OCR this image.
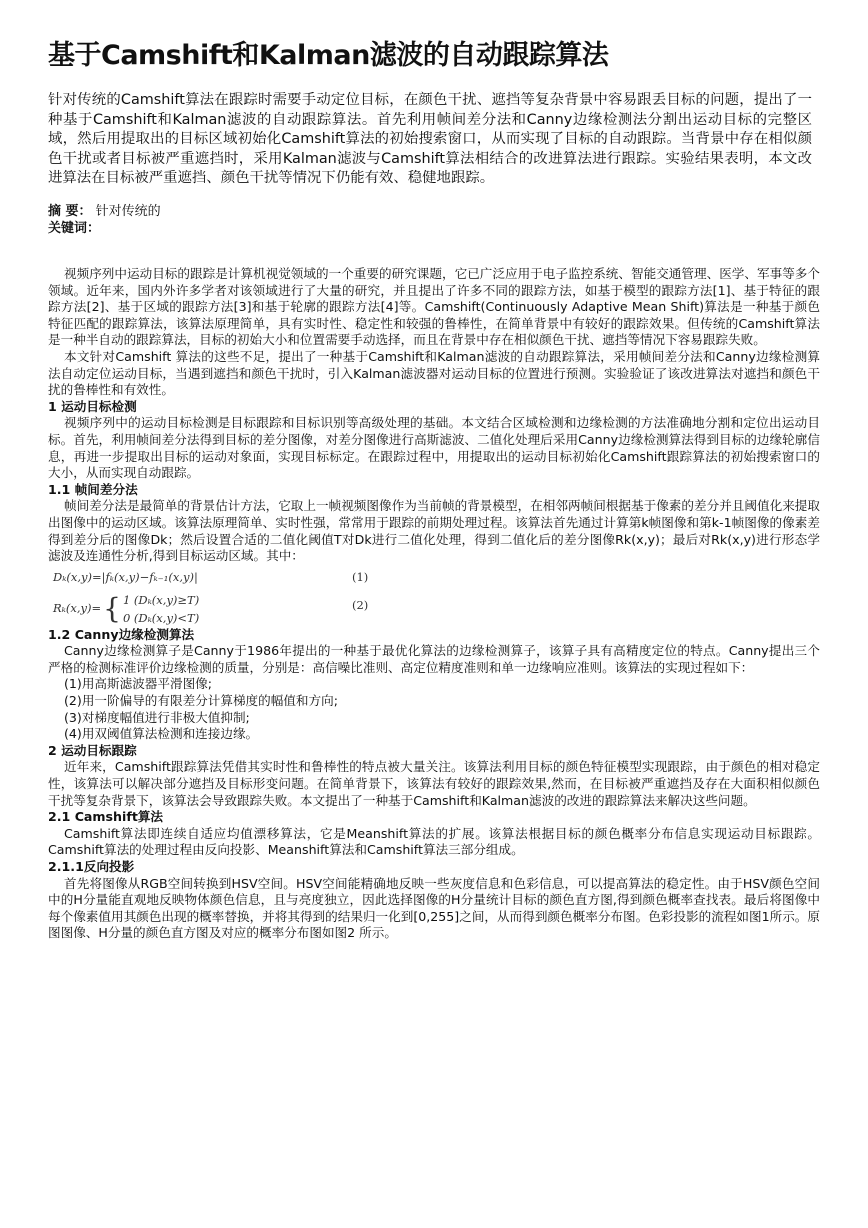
基于Camshift和Kalman滤波的自动跟踪算法
针对传统的Camshift算法在跟踪时需要手动定位目标，在颜色干扰、遮挡等复杂背景中容易跟丢目标的问题，提出了一种基于Camshift和Kalman滤波的自动跟踪算法。首先利用帧间差分法和Canny边缘检测法分割出运动目标的完整区域，然后用提取出的目标区域初始化Camshift算法的初始搜索窗口，从而实现了目标的自动跟踪。当背景中存在相似颜色干扰或者目标被严重遮挡时，采用Kalman滤波与Camshift算法相结合的改进算法进行跟踪。实验结果表明，本文改进算法在目标被严重遮挡、颜色干扰等情况下仍能有效、稳健地跟踪。
摘 要： 针对传统的
关键词：

视频序列中运动目标的跟踪是计算机视觉领域的一个重要的研究课题，它已广泛应用于电子监控系统、智能交通管理、医学、军事等多个领域。近年来，国内外许多学者对该领域进行了大量的研究，并且提出了许多不同的跟踪方法，如基于模型的跟踪方法[1]、基于特征的跟踪方法[2]、基于区域的跟踪方法[3]和基于轮廓的跟踪方法[4]等。Camshift(Continuously Adaptive Mean Shift)算法是一种基于颜色特征匹配的跟踪算法，该算法原理简单，具有实时性、稳定性和较强的鲁棒性，在简单背景中有较好的跟踪效果。但传统的Camshift算法是一种半自动的跟踪算法，目标的初始大小和位置需要手动选择，而且在背景中存在相似颜色干扰、遮挡等情况下容易跟踪失败。

本文针对Camshift 算法的这些不足，提出了一种基于Camshift和Kalman滤波的自动跟踪算法，采用帧间差分法和Canny边缘检测算法自动定位运动目标，当遇到遮挡和颜色干扰时，引入Kalman滤波器对运动目标的位置进行预测。实验验证了该改进算法对遮挡和颜色干扰的鲁棒性和有效性。

1 运动目标检测

视频序列中的运动目标检测是目标跟踪和目标识别等高级处理的基础。本文结合区域检测和边缘检测的方法准确地分割和定位出运动目标。首先，利用帧间差分法得到目标的差分图像，对差分图像进行高斯滤波、二值化处理后采用Canny边缘检测算法得到目标的边缘轮廓信息，再进一步提取出目标的运动对象面，实现目标标定。在跟踪过程中，用提取出的运动目标初始化Camshift跟踪算法的初始搜索窗口的大小，从而实现自动跟踪。

1.1 帧间差分法

帧间差分法是最简单的背景估计方法，它取上一帧视频图像作为当前帧的背景模型，在相邻两帧间根据基于像素的差分并且阈值化来提取出图像中的运动区域。该算法原理简单、实时性强，常常用于跟踪的前期处理过程。该算法首先通过计算第k帧图像和第k-1帧图像的像素差得到差分后的图像Dk；然后设置合适的二值化阈值T对Dk进行二值化处理，得到二值化后的差分图像Rk(x,y)；最后对Rk(x,y)进行形态学滤波及连通性分析,得到目标运动区域。其中：

Dₖ(x,y)=|fₖ(x,y)−fₖ₋₁(x,y)|	(1)
Rₖ(x,y)={ 1 (Dₖ(x,y)≥T)
0 (Dₖ(x,y)<T)
(2)

1.2 Canny边缘检测算法

Canny边缘检测算子是Canny于1986年提出的一种基于最优化算法的边缘检测算子，该算子具有高精度定位的特点。Canny提出三个严格的检测标准评价边缘检测的质量，分别是：高信噪比准则、高定位精度准则和单一边缘响应准则。该算法的实现过程如下：

(1)用高斯滤波器平滑图像;
(2)用一阶偏导的有限差分计算梯度的幅值和方向;
(3)对梯度幅值进行非极大值抑制;
(4)用双阈值算法检测和连接边缘。

2 运动目标跟踪

近年来，Camshift跟踪算法凭借其实时性和鲁棒性的特点被大量关注。该算法利用目标的颜色特征模型实现跟踪，由于颜色的相对稳定性，该算法可以解决部分遮挡及目标形变问题。在简单背景下，该算法有较好的跟踪效果,然而，在目标被严重遮挡及存在大面积相似颜色干扰等复杂背景下，该算法会导致跟踪失败。本文提出了一种基于Camshift和Kalman滤波的改进的跟踪算法来解决这些问题。

2.1 Camshift算法

Camshift算法即连续自适应均值漂移算法，它是Meanshift算法的扩展。该算法根据目标的颜色概率分布信息实现运动目标跟踪。Camshift算法的处理过程由反向投影、Meanshift算法和Camshift算法三部分组成。

2.1.1反向投影

首先将图像从RGB空间转换到HSV空间。HSV空间能精确地反映一些灰度信息和色彩信息，可以提高算法的稳定性。由于HSV颜色空间中的H分量能直观地反映物体颜色信息，且与亮度独立，因此选择图像的H分量统计目标的颜色直方图,得到颜色概率查找表。最后将图像中每个像素值用其颜色出现的概率替换，并将其得到的结果归一化到[0,255]之间，从而得到颜色概率分布图。色彩投影的流程如图1所示。原图图像、H分量的颜色直方图及对应的概率分布图如图2 所示。
